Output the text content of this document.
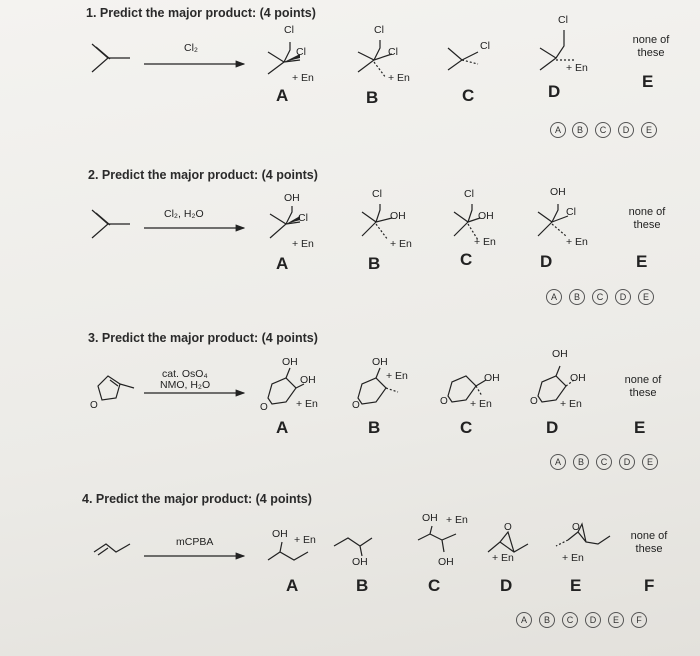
1. Predict the major product: (4 points)
Cl₂
Cl
Cl
+ En
A
Cl
Cl
+ En
B
Cl
C
Cl
+ En
D
none of these
E
A	B	C	D	E
2. Predict the major product: (4 points)
Cl₂, H₂O
OH
Cl
+ En
A
Cl
OH
+ En
B
Cl
OH
+ En
C
OH
Cl
+ En
D
none of these
E
A	B	C	D	E
3. Predict the major product: (4 points)
O
cat. OsO₄
NMO, H₂O
OH
OH
O	+ En
A
OH
O
+ En
B
OH
O + En
C
OH
OH
O + En
D
none of these
E
A	B	C	D	E
4. Predict the major product: (4 points)
mCPBA
OH + En
A
OH
B
OH
OH
+ En
C
O
+ En
D
O
+ En
E
none of these
F
A	B	C	D	E	F
